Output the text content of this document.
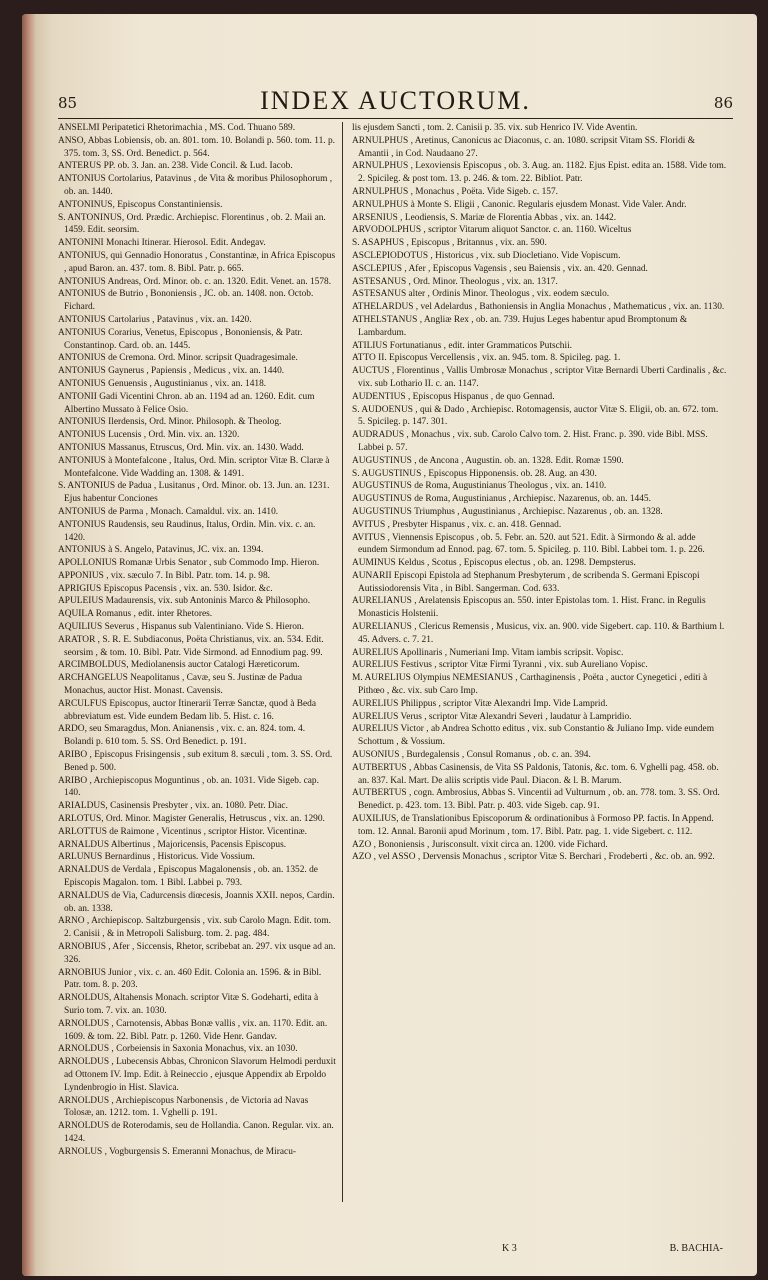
85	INDEX AUCTORUM.	86

ANSELMI Peripatetici Rhetorimachia , MS. Cod. Thuano 589.

ANSO, Abbas Lobiensis, ob. an. 801. tom. 10. Bolandi p. 560. tom. 11. p. 375. tom. 3, SS. Ord. Benedict. p. 564.

ANTERUS PP. ob. 3. Jan. an. 238. Vide Concil. & Lud. Iacob.

ANTONIUS Cortolarius, Patavinus , de Vita & moribus Philosophorum , ob. an. 1440.

ANTONINUS, Episcopus Constantiniensis.

S. ANTONINUS, Ord. Prædic. Archiepisc. Florentinus , ob. 2. Maii an. 1459. Edit. seorsim.

ANTONINI Monachi Itinerar. Hierosol. Edit. Andegav.

ANTONIUS, qui Gennadio Honoratus , Constantinæ, in Africa Episcopus , apud Baron. an. 437. tom. 8. Bibl. Patr. p. 665.

ANTONIUS Andreas, Ord. Minor. ob. c. an. 1320. Edit. Venet. an. 1578.

ANTONIUS de Butrio , Bononiensis , JC. ob. an. 1408. non. Octob. Fichard.

ANTONIUS Cartolarius , Patavinus , vix. an. 1420.

ANTONIUS Corarius, Venetus, Episcopus , Bononiensis, & Patr. Constantinop. Card. ob. an. 1445.

ANTONIUS de Cremona. Ord. Minor. scripsit Quadragesimale.

ANTONIUS Gaynerus , Papiensis , Medicus , vix. an. 1440.

ANTONIUS Genuensis , Augustinianus , vix. an. 1418.

ANTONII Gadi Vicentini Chron. ab an. 1194 ad an. 1260. Edit. cum Albertino Mussato à Felice Osio.

ANTONIUS Ilerdensis, Ord. Minor. Philosoph. & Theolog.

ANTONIUS Lucensis , Ord. Min. vix. an. 1320.

ANTONIUS Massanus, Etruscus, Ord. Min. vix. an. 1430. Wadd.

ANTONIUS à Montefalcone , Italus, Ord. Min. scriptor Vitæ B. Claræ à Montefalcone. Vide Wadding an. 1308. & 1491.

S. ANTONIUS de Padua , Lusitanus , Ord. Minor. ob. 13. Jun. an. 1231. Ejus habentur Conciones

ANTONIUS de Parma , Monach. Camaldul. vix. an. 1410.

ANTONIUS Raudensis, seu Raudinus, Italus, Ordin. Min. vix. c. an. 1420.

ANTONIUS à S. Angelo, Patavinus, JC. vix. an. 1394.

APOLLONIUS Romanæ Urbis Senator , sub Commodo Imp. Hieron.

APPONIUS , vix. sæculo 7. In Bibl. Patr. tom. 14. p. 98.

APRIGIUS Episcopus Pacensis , vix. an. 530. Isidor. &c.

APULEIUS Madaurensis, vix. sub Antoninis Marco & Philosopho.

AQUILA Romanus , edit. inter Rhetores.

AQUILIUS Severus , Hispanus sub Valentiniano. Vide S. Hieron.

ARATOR , S. R. E. Subdiaconus, Poëta Christianus, vix. an. 534. Edit. seorsim , & tom. 10. Bibl. Patr. Vide Sirmond. ad Ennodium pag. 99.

ARCIMBOLDUS, Mediolanensis auctor Catalogi Hæreticorum.

ARCHANGELUS Neapolitanus , Cavæ, seu S. Justinæ de Padua Monachus, auctor Hist. Monast. Cavensis.

ARCULFUS Episcopus, auctor Itinerarii Terræ Sanctæ, quod à Beda abbreviatum est. Vide eundem Bedam lib. 5. Hist. c. 16.

ARDO, seu Smaragdus, Mon. Anianensis , vix. c. an. 824. tom. 4. Bolandi p. 610 tom. 5. SS. Ord Benedict. p. 191.

ARIBO , Episcopus Frisingensis , sub exitum 8. sæculi , tom. 3. SS. Ord. Bened p. 500.

ARIBO , Archiepiscopus Moguntinus , ob. an. 1031. Vide Sigeb. cap. 140.

ARIALDUS, Casinensis Presbyter , vix. an. 1080. Petr. Diac.

ARLOTUS, Ord. Minor. Magister Generalis, Hetruscus , vix. an. 1290.

ARLOTTUS de Raimone , Vicentinus , scriptor Histor. Vicentinæ.

ARNALDUS Albertinus , Majoricensis, Pacensis Episcopus.

ARLUNUS Bernardinus , Historicus. Vide Vossium.

ARNALDUS de Verdala , Episcopus Magalonensis , ob. an. 1352. de Episcopis Magalon. tom. 1 Bibl. Labbei p. 793.

ARNALDUS de Via, Cadurcensis diœcesis, Joannis XXII. nepos, Cardin. ob. an. 1338.

ARNO , Archiepiscop. Saltzburgensis , vix. sub Carolo Magn. Edit. tom. 2. Canisii , & in Metropoli Salisburg. tom. 2. pag. 484.

ARNOBIUS , Afer , Siccensis, Rhetor, scribebat an. 297. vix usque ad an. 326.

ARNOBIUS Junior , vix. c. an. 460 Edit. Colonia an. 1596. & in Bibl. Patr. tom. 8. p. 203.

ARNOLDUS, Altahensis Monach. scriptor Vitæ S. Godeharti, edita à Surio tom. 7. vix. an. 1030.

ARNOLDUS , Carnotensis, Abbas Bonæ vallis , vix. an. 1170. Edit. an. 1609. & tom. 22. Bibl. Patr. p. 1260. Vide Henr. Gandav.

ARNOLDUS , Corbeiensis in Saxonia Monachus, vix. an 1030.

ARNOLDUS , Lubecensis Abbas, Chronicon Slavorum Helmodi perduxit ad Ottonem IV. Imp. Edit. à Reineccio , ejusque Appendix ab Erpoldo Lyndenbrogio in Hist. Slavica.

ARNOLDUS , Archiepiscopus Narbonensis , de Victoria ad Navas Tolosæ, an. 1212. tom. 1. Vghelli p. 191.

ARNOLDUS de Roterodamis, seu de Hollandia. Canon. Regular. vix. an. 1424.

ARNOLUS , Vogburgensis S. Emeranni Monachus, de Miracu-

lis ejusdem Sancti , tom. 2. Canisii p. 35. vix. sub Henrico IV. Vide Aventin.

ARNULPHUS , Aretinus, Canonicus ac Diaconus, c. an. 1080. scripsit Vitam SS. Floridi & Amantii , in Cod. Naudaano 27.

ARNULPHUS , Lexoviensis Episcopus , ob. 3. Aug. an. 1182. Ejus Epist. edita an. 1588. Vide tom. 2. Spicileg. & post tom. 13. p. 246. & tom. 22. Bibliot. Patr.

ARNULPHUS , Monachus , Poëta. Vide Sigeb. c. 157.

ARNULPHUS à Monte S. Eligii , Canonic. Regularis ejusdem Monast. Vide Valer. Andr.

ARSENIUS , Leodiensis, S. Mariæ de Florentia Abbas , vix. an. 1442.

ARVODOLPHUS , scriptor Vitarum aliquot Sanctor. c. an. 1160. Wiceltus

S. ASAPHUS , Episcopus , Britannus , vix. an. 590.

ASCLEPIODOTUS , Historicus , vix. sub Diocletiano. Vide Vopiscum.

ASCLEPIUS , Afer , Episcopus Vagensis , seu Baiensis , vix. an. 420. Gennad.

ASTESANUS , Ord. Minor. Theologus , vix. an. 1317.

ASTESANUS alter , Ordinis Minor. Theologus , vix. eodem sæculo.

ATHELARDUS , vel Adelardus , Bathoniensis in Anglia Monachus , Mathematicus , vix. an. 1130.

ATHELSTANUS , Angliæ Rex , ob. an. 739. Hujus Leges habentur apud Bromptonum & Lambardum.

ATILIUS Fortunatianus , edit. inter Grammaticos Putschii.

ATTO II. Episcopus Vercellensis , vix. an. 945. tom. 8. Spicileg. pag. 1.

AUCTUS , Florentinus , Vallis Umbrosæ Monachus , scriptor Vitæ Bernardi Uberti Cardinalis , &c. vix. sub Lothario II. c. an. 1147.

AUDENTIUS , Episcopus Hispanus , de quo Gennad.

S. AUDOENUS , qui & Dado , Archiepisc. Rotomagensis, auctor Vitæ S. Eligii, ob. an. 672. tom. 5. Spicileg. p. 147. 301.

AUDRADUS , Monachus , vix. sub. Carolo Calvo tom. 2. Hist. Franc. p. 390. vide Bibl. MSS. Labbei p. 57.

AUGUSTINUS , de Ancona , Augustin. ob. an. 1328. Edit. Romæ 1590.

S. AUGUSTINUS , Episcopus Hipponensis. ob. 28. Aug. an 430.

AUGUSTINUS de Roma, Augustinianus Theologus , vix. an. 1410.

AUGUSTINUS de Roma, Augustinianus , Archiepisc. Nazarenus, ob. an. 1445.

AUGUSTINUS Triumphus , Augustinianus , Archiepisc. Nazarenus , ob. an. 1328.

AVITUS , Presbyter Hispanus , vix. c. an. 418. Gennad.

AVITUS , Viennensis Episcopus , ob. 5. Febr. an. 520. aut 521. Edit. à Sirmondo & al. adde eundem Sirmondum ad Ennod. pag. 67. tom. 5. Spicileg. p. 110. Bibl. Labbei tom. 1. p. 226.

AUMINUS Keldus , Scotus , Episcopus electus , ob. an. 1298. Dempsterus.

AUNARII Episcopi Epistola ad Stephanum Presbyterum , de scribenda S. Germani Episcopi Autissiodorensis Vita , in Bibl. Sangerman. Cod. 633.

AURELIANUS , Arelatensis Episcopus an. 550. inter Epistolas tom. 1. Hist. Franc. in Regulis Monasticis Holstenii.

AURELIANUS , Clericus Remensis , Musicus, vix. an. 900. vide Sigebert. cap. 110. & Barthium l. 45. Advers. c. 7. 21.

AURELIUS Apollinaris , Numeriani Imp. Vitam iambis scripsit. Vopisc.

AURELIUS Festivus , scriptor Vitæ Firmi Tyranni , vix. sub Aureliano Vopisc.

M. AURELIUS Olympius NEMESIANUS , Carthaginensis , Poëta , auctor Cynegetici , editi à Pithœo , &c. vix. sub Caro Imp.

AURELIUS Philippus , scriptor Vitæ Alexandri Imp. Vide Lamprid.

AURELIUS Verus , scriptor Vitæ Alexandri Severi , laudatur à Lampridio.

AURELIUS Victor , ab Andrea Schotto editus , vix. sub Constantio & Juliano Imp. vide eundem Schottum , & Vossium.

AUSONIUS , Burdegalensis , Consul Romanus , ob. c. an. 394.

AUTBERTUS , Abbas Casinensis, de Vita SS Paldonis, Tatonis, &c. tom. 6. Vghelli pag. 458. ob. an. 837. Kal. Mart. De aliis scriptis vide Paul. Diacon. & l. B. Marum.

AUTBERTUS , cogn. Ambrosius, Abbas S. Vincentii ad Vulturnum , ob. an. 778. tom. 3. SS. Ord. Benedict. p. 423. tom. 13. Bibl. Patr. p. 403. vide Sigeb. cap. 91.

AUXILIUS, de Translationibus Episcoporum & ordinationibus à Formoso PP. factis. In Append. tom. 12. Annal. Baronii apud Morinum , tom. 17. Bibl. Patr. pag. 1. vide Sigebert. c. 112.

AZO , Bononiensis , Jurisconsult. vixit circa an. 1200. vide Fichard.

AZO , vel ASSO , Dervensis Monachus , scriptor Vitæ S. Berchari , Frodeberti , &c. ob. an. 992.

K 3	B. BACHIA-
